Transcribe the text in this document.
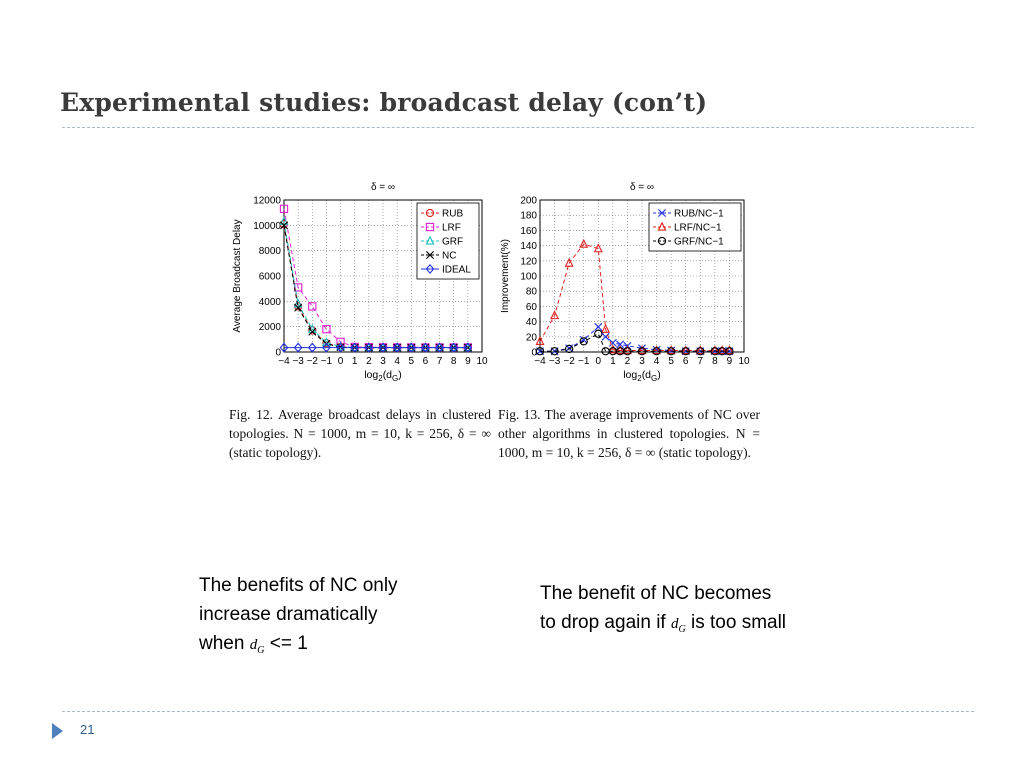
Experimental studies: broadcast delay (con’t)
−4 −3 −2 −1 0 1 2 3 4 5 6 7 8 9 10
0
2000
4000
6000
8000
10000
12000
δ = ∞
$\log_2(d_G)$
Average Broadcast Delay
RUB
LRF
GRF
NC
IDEAL
−4 −3 −2 −1 0 1 2 3 4 5 6 7 8 9 10
0
20
40
60
80
100
120
140
160
180
200
δ = ∞
$\log_2(d_G)$
Improvement(%)
RUB/NC−1
LRF/NC−1
GRF/NC−1
Fig. 12. Average broadcast delays in clustered topologies. N = 1000, m = 10, k = 256, δ = ∞ (static topology).
Fig. 13. The average improvements of NC over other algorithms in clustered topologies. N = 1000, m = 10, k = 256, δ = ∞ (static topology).
The benefits of NC only
increase dramatically
when $d_G <= 1$
The benefit of NC becomes
to drop again if $d_G$ is too small
21
